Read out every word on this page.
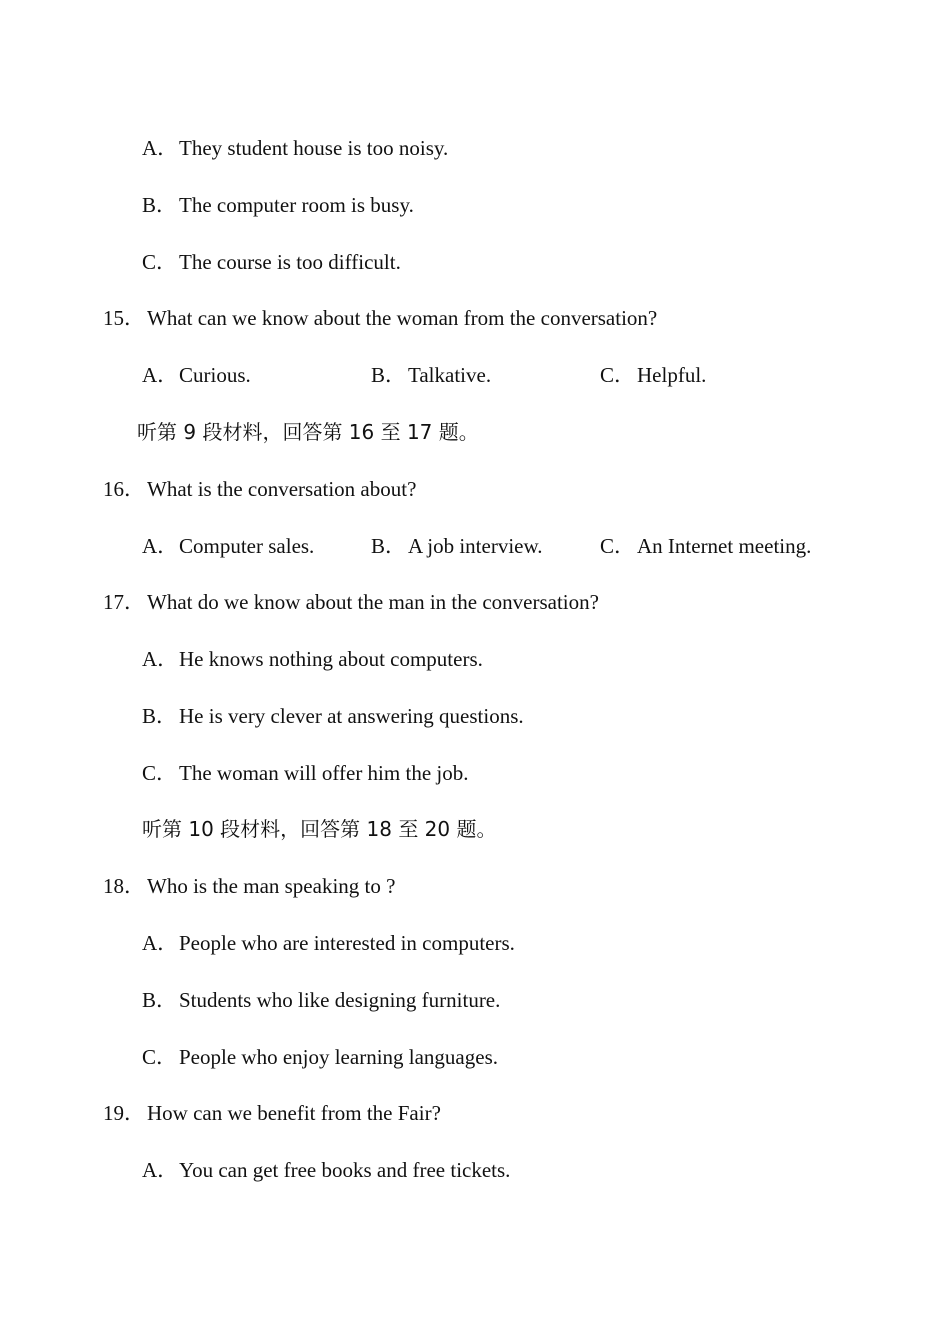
A．They student house is too noisy.
B．The computer room is busy.
C．The course is too difficult.
15．What can we know about the woman from the conversation?
A．Curious.	B．Talkative.	C．Helpful.
听第 9 段材料，回答第 16 至 17 题。
16．What is the conversation about?
A．Computer sales.	B．A job interview.	C．An Internet meeting.
17．What do we know about the man in the conversation?
A．He knows nothing about computers.
B．He is very clever at answering questions.
C．The woman will offer him the job.
听第 10 段材料，回答第 18 至 20 题。
18．Who is the man speaking to ?
A．People who are interested in computers.
B．Students who like designing furniture.
C．People who enjoy learning languages.
19．How can we benefit from the Fair?
A．You can get free books and free tickets.
